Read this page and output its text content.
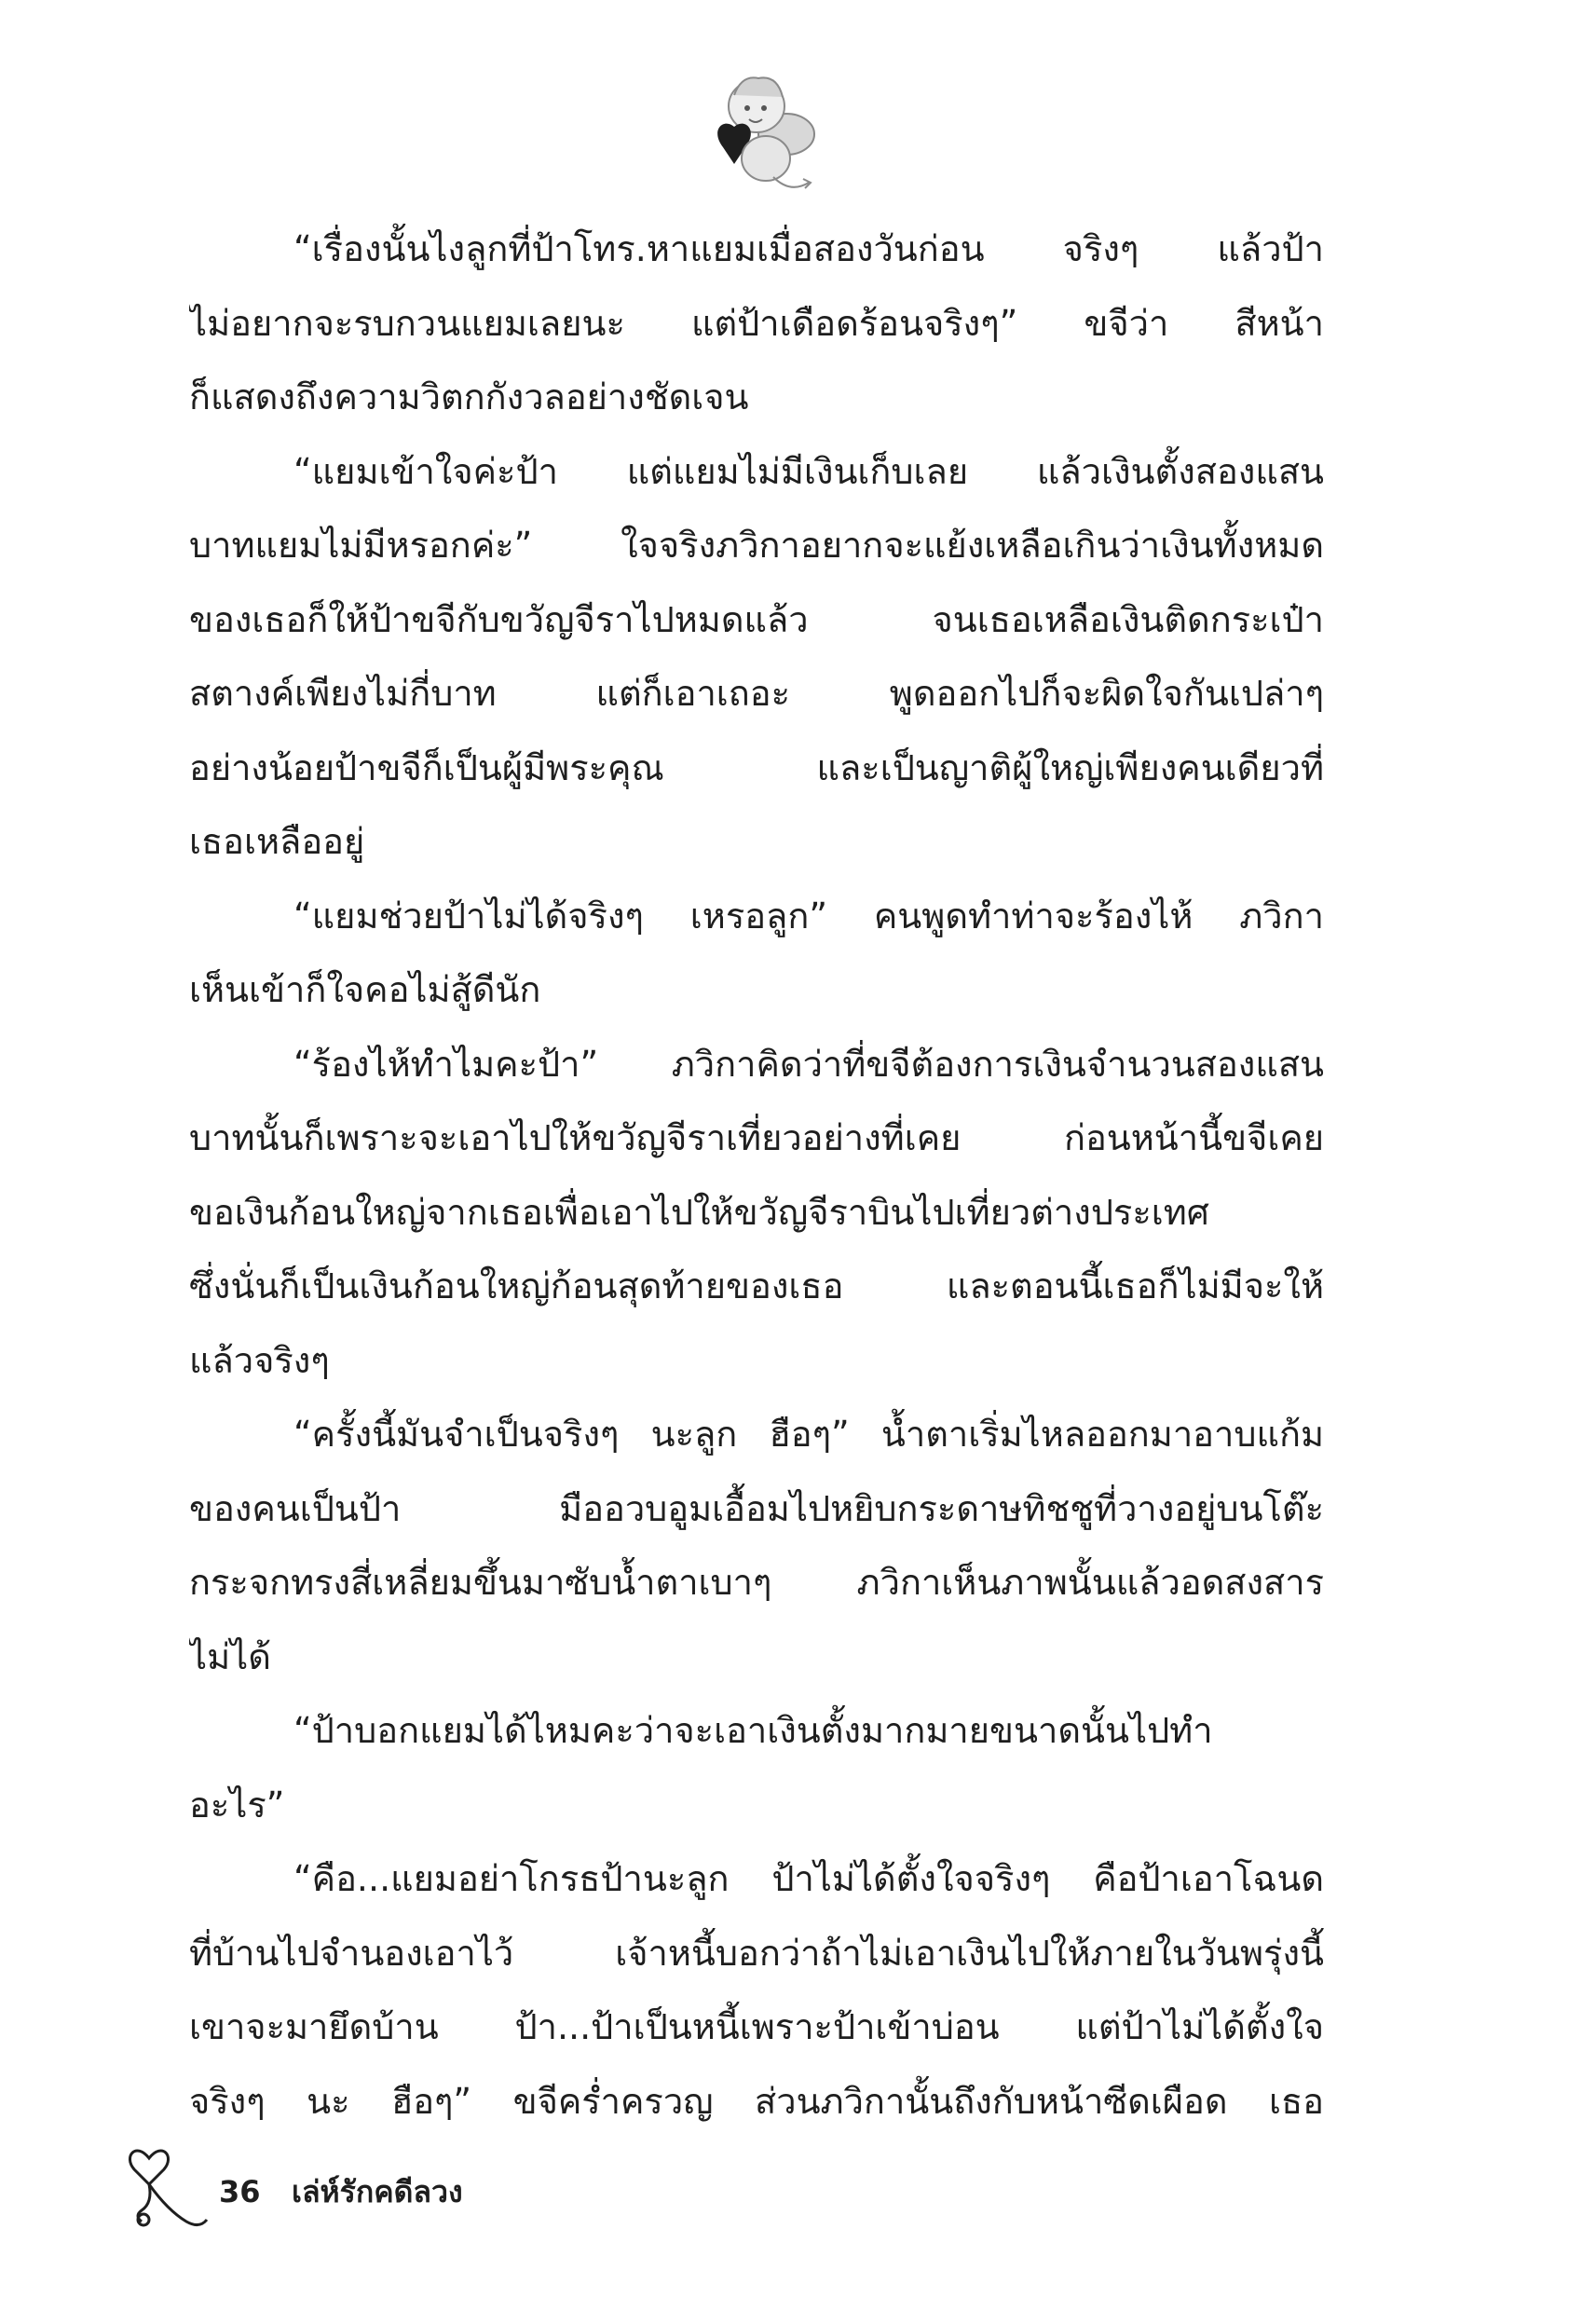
“เรื่องนั้นไงลูกที่ป้าโทร.หาแยมเมื่อสองวันก่อน จริงๆ แล้วป้า
ไม่อยากจะรบกวนแยมเลยนะ แต่ป้าเดือดร้อนจริงๆ” ขจีว่า สีหน้า
ก็แสดงถึงความวิตกกังวลอย่างชัดเจน
“แยมเข้าใจค่ะป้า แต่แยมไม่มีเงินเก็บเลย แล้วเงินตั้งสองแสน
บาทแยมไม่มีหรอกค่ะ” ใจจริงภวิกาอยากจะแย้งเหลือเกินว่าเงินทั้งหมด
ของเธอก็ให้ป้าขจีกับขวัญจีราไปหมดแล้ว จนเธอเหลือเงินติดกระเป๋า
สตางค์เพียงไม่กี่บาท แต่ก็เอาเถอะ พูดออกไปก็จะผิดใจกันเปล่าๆ
อย่างน้อยป้าขจีก็เป็นผู้มีพระคุณ และเป็นญาติผู้ใหญ่เพียงคนเดียวที่
เธอเหลืออยู่
“แยมช่วยป้าไม่ได้จริงๆ เหรอลูก” คนพูดทำท่าจะร้องไห้ ภวิกา
เห็นเข้าก็ใจคอไม่สู้ดีนัก
“ร้องไห้ทำไมคะป้า” ภวิกาคิดว่าที่ขจีต้องการเงินจำนวนสองแสน
บาทนั้นก็เพราะจะเอาไปให้ขวัญจีราเที่ยวอย่างที่เคย ก่อนหน้านี้ขจีเคย
ขอเงินก้อนใหญ่จากเธอเพื่อเอาไปให้ขวัญจีราบินไปเที่ยวต่างประเทศ
ซึ่งนั่นก็เป็นเงินก้อนใหญ่ก้อนสุดท้ายของเธอ และตอนนี้เธอก็ไม่มีจะให้
แล้วจริงๆ
“ครั้งนี้มันจำเป็นจริงๆ นะลูก ฮือๆ” น้ำตาเริ่มไหลออกมาอาบแก้ม
ของคนเป็นป้า มืออวบอูมเอื้อมไปหยิบกระดาษทิชชูที่วางอยู่บนโต๊ะ
กระจกทรงสี่เหลี่ยมขึ้นมาซับน้ำตาเบาๆ ภวิกาเห็นภาพนั้นแล้วอดสงสาร
ไม่ได้
“ป้าบอกแยมได้ไหมคะว่าจะเอาเงินตั้งมากมายขนาดนั้นไปทำ
อะไร”
“คือ...แยมอย่าโกรธป้านะลูก ป้าไม่ได้ตั้งใจจริงๆ คือป้าเอาโฉนด
ที่บ้านไปจำนองเอาไว้ เจ้าหนี้บอกว่าถ้าไม่เอาเงินไปให้ภายในวันพรุ่งนี้
เขาจะมายึดบ้าน ป้า...ป้าเป็นหนี้เพราะป้าเข้าบ่อน แต่ป้าไม่ได้ตั้งใจ
จริงๆ นะ ฮือๆ” ขจีคร่ำครวญ ส่วนภวิกานั้นถึงกับหน้าซีดเผือด เธอ
36 เล่ห์รักคดีลวง
